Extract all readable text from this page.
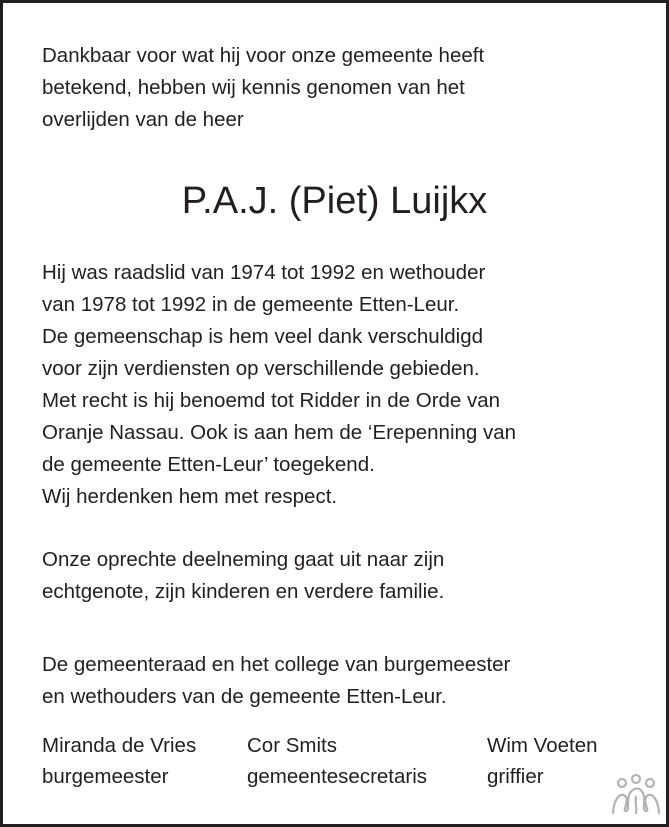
Dankbaar voor wat hij voor onze gemeente heeft
betekend, hebben wij kennis genomen van het
overlijden van de heer
P.A.J. (Piet) Luijkx
Hij was raadslid van 1974 tot 1992 en wethouder
van 1978 tot 1992 in de gemeente Etten-Leur.
De gemeenschap is hem veel dank verschuldigd
voor zijn verdiensten op verschillende gebieden.
Met recht is hij benoemd tot Ridder in de Orde van
Oranje Nassau. Ook is aan hem de ‘Erepenning van
de gemeente Etten-Leur’ toegekend.
Wij herdenken hem met respect.
Onze oprechte deelneming gaat uit naar zijn
echtgenote, zijn kinderen en verdere familie.
De gemeenteraad en het college van burgemeester
en wethouders van de gemeente Etten-Leur.
Miranda de Vries
burgemeester
Cor Smits
gemeentesecretaris
Wim Voeten
griffier
